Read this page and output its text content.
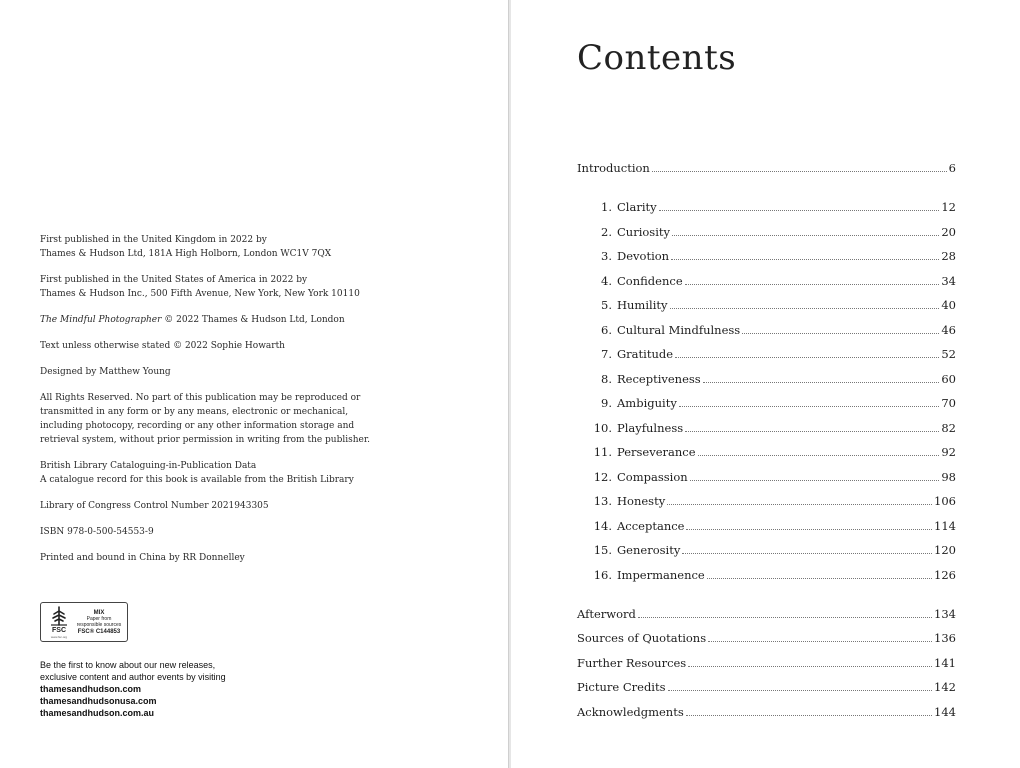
First published in the United Kingdom in 2022 by
Thames & Hudson Ltd, 181A High Holborn, London WC1V 7QX

First published in the United States of America in 2022 by
Thames & Hudson Inc., 500 Fifth Avenue, New York, New York 10110

The Mindful Photographer © 2022 Thames & Hudson Ltd, London

Text unless otherwise stated © 2022 Sophie Howarth

Designed by Matthew Young

All Rights Reserved. No part of this publication may be reproduced or
transmitted in any form or by any means, electronic or mechanical,
including photocopy, recording or any other information storage and
retrieval system, without prior permission in writing from the publisher.

British Library Cataloguing-in-Publication Data
A catalogue record for this book is available from the British Library

Library of Congress Control Number 2021943305

ISBN 978-0-500-54553-9

Printed and bound in China by RR Donnelley

FSC
www.fsc.org
MIX
Paper from
responsible sources
FSC® C144853
Be the first to know about our new releases,
exclusive content and author events by visiting
thamesandhudson.com
thamesandhudsonusa.com
thamesandhudson.com.au
Contents
Introduction	6
1. Clarity	12
2. Curiosity	20
3. Devotion	28
4. Confidence	34
5. Humility	40
6. Cultural Mindfulness	46
7. Gratitude	52
8. Receptiveness	60
9. Ambiguity	70
10. Playfulness	82
11. Perseverance	92
12. Compassion	98
13. Honesty	106
14. Acceptance	114
15. Generosity	120
16. Impermanence	126
Afterword	134
Sources of Quotations	136
Further Resources	141
Picture Credits	142
Acknowledgments	144
